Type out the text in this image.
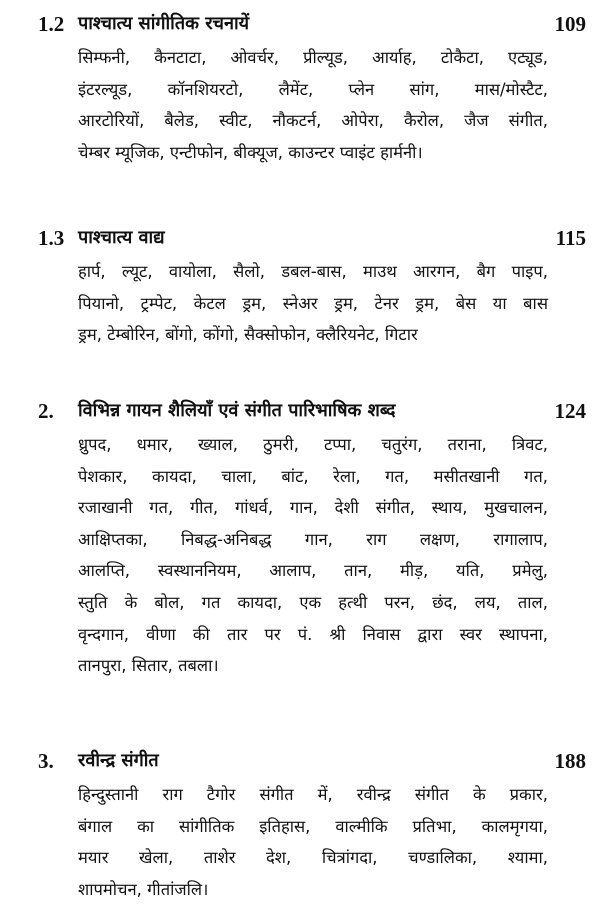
1.2 पाश्चात्य सांगीतिक रचनायें	109
सिम्फनी, कैनटाटा, ओवर्चर, प्रील्यूड, आर्याह, टोकैटा, एट्यूड,
इंटरल्यूड, कॉनशियरटो, लैमेंट, प्लेन सांग, मास/मोस्टैट,
आरटोरियों, बैलेड, स्वीट, नौकटर्न, ओपेरा, कैरोल, जैज संगीत,
चेम्बर म्यूजिक, एन्टीफोन, बीक्यूज, काउन्टर प्वाइंट हार्मनी।
1.3 पाश्चात्य वाद्य	115
हार्प, ल्यूट, वायोला, सैलो, डबल-बास, माउथ आरगन, बैग पाइप,
पियानो, ट्रम्पेट, केटल ड्रम, स्नेअर ड्रम, टेनर ड्रम, बेस या बास
ड्रम, टेम्बोरिन, बोंगो, कोंगो, सैक्सोफोन, क्लैरियनेट, गिटार
2. विभिन्न गायन शैलियाँ एवं संगीत पारिभाषिक शब्द	124
ध्रुपद, धमार, ख्याल, ठुमरी, टप्पा, चतुरंग, तराना, त्रिवट,
पेशकार, कायदा, चाला, बांट, रेला, गत, मसीतखानी गत,
रजाखानी गत, गीत, गांधर्व, गान, देशी संगीत, स्थाय, मुखचालन,
आक्षिप्तका, निबद्ध-अनिबद्ध गान, राग लक्षण, रागालाप,
आलप्ति, स्वस्थाननियम, आलाप, तान, मीड़, यति, प्रमेलु,
स्तुति के बोल, गत कायदा, एक हत्थी परन, छंद, लय, ताल,
वृन्दगान, वीणा की तार पर पं. श्री निवास द्वारा स्वर स्थापना,
तानपुरा, सितार, तबला।
3. रवीन्द्र संगीत	188
हिन्दुस्तानी राग टैगोर संगीत में, रवीन्द्र संगीत के प्रकार,
बंगाल का सांगीतिक इतिहास, वाल्मीकि प्रतिभा, कालमृगया,
मयार खेला, ताशेर देश, चित्रांगदा, चण्डालिका, श्यामा,
शापमोचन, गीतांजलि।
